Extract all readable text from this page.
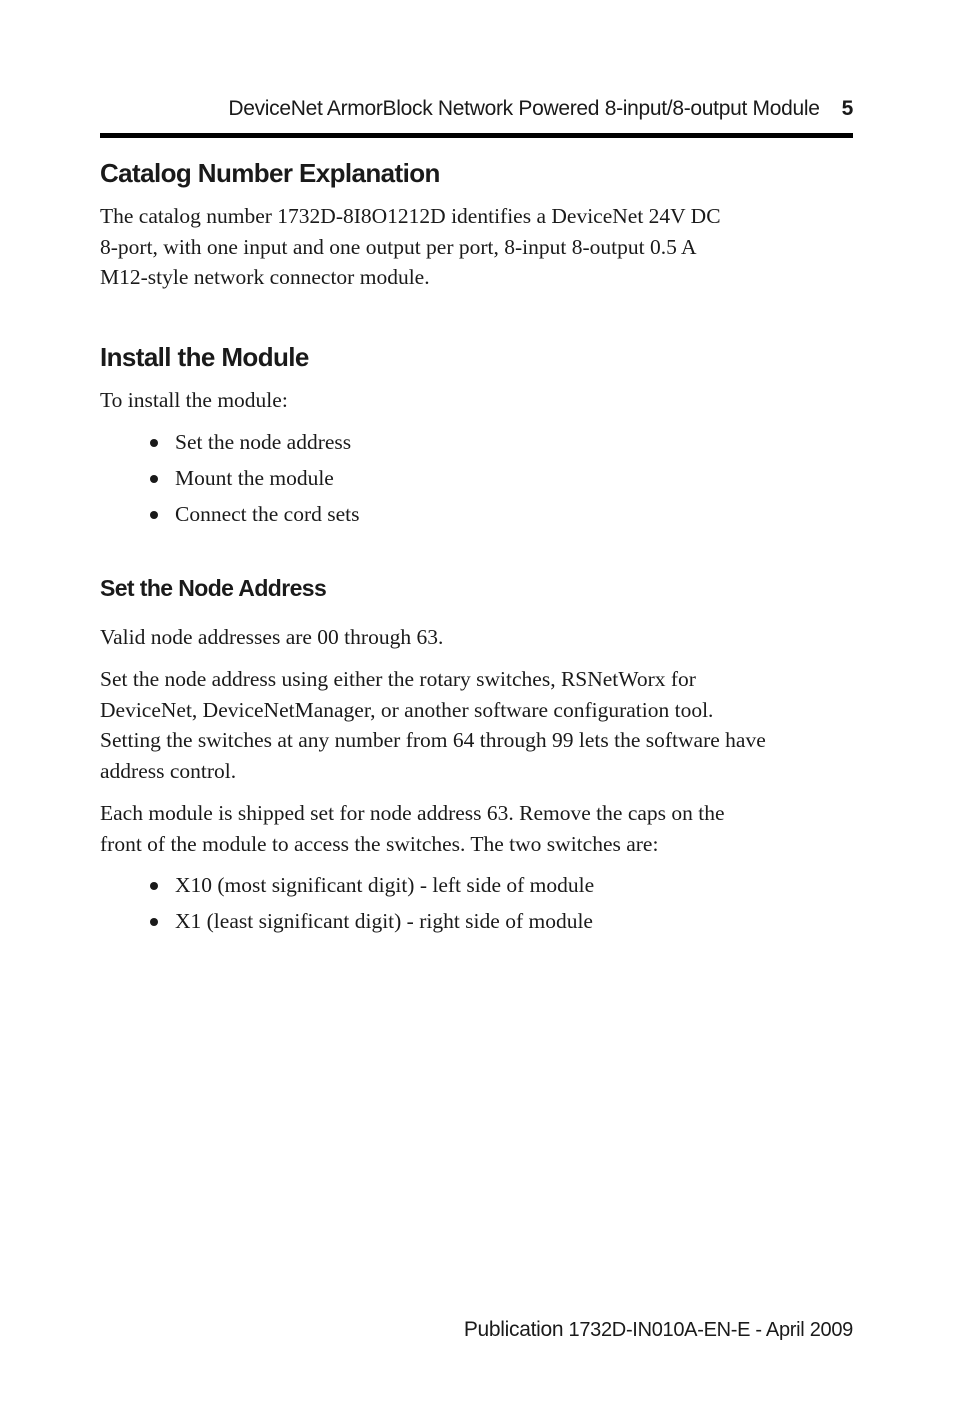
DeviceNet ArmorBlock Network Powered 8-input/8-output Module 5
Catalog Number Explanation

The catalog number 1732D-8I8O1212D identifies a DeviceNet 24V DC
8-port, with one input and one output per port, 8-input 8-output 0.5 A
M12-style network connector module.

Install the Module

To install the module:

Set the node address
Mount the module
Connect the cord sets
Set the Node Address

Valid node addresses are 00 through 63.

Set the node address using either the rotary switches, RSNetWorx for
DeviceNet, DeviceNetManager, or another software configuration tool.
Setting the switches at any number from 64 through 99 lets the software have
address control.

Each module is shipped set for node address 63. Remove the caps on the
front of the module to access the switches. The two switches are:

X10 (most significant digit) - left side of module
X1 (least significant digit) - right side of module
Publication 1732D-IN010A-EN-E - April 2009
